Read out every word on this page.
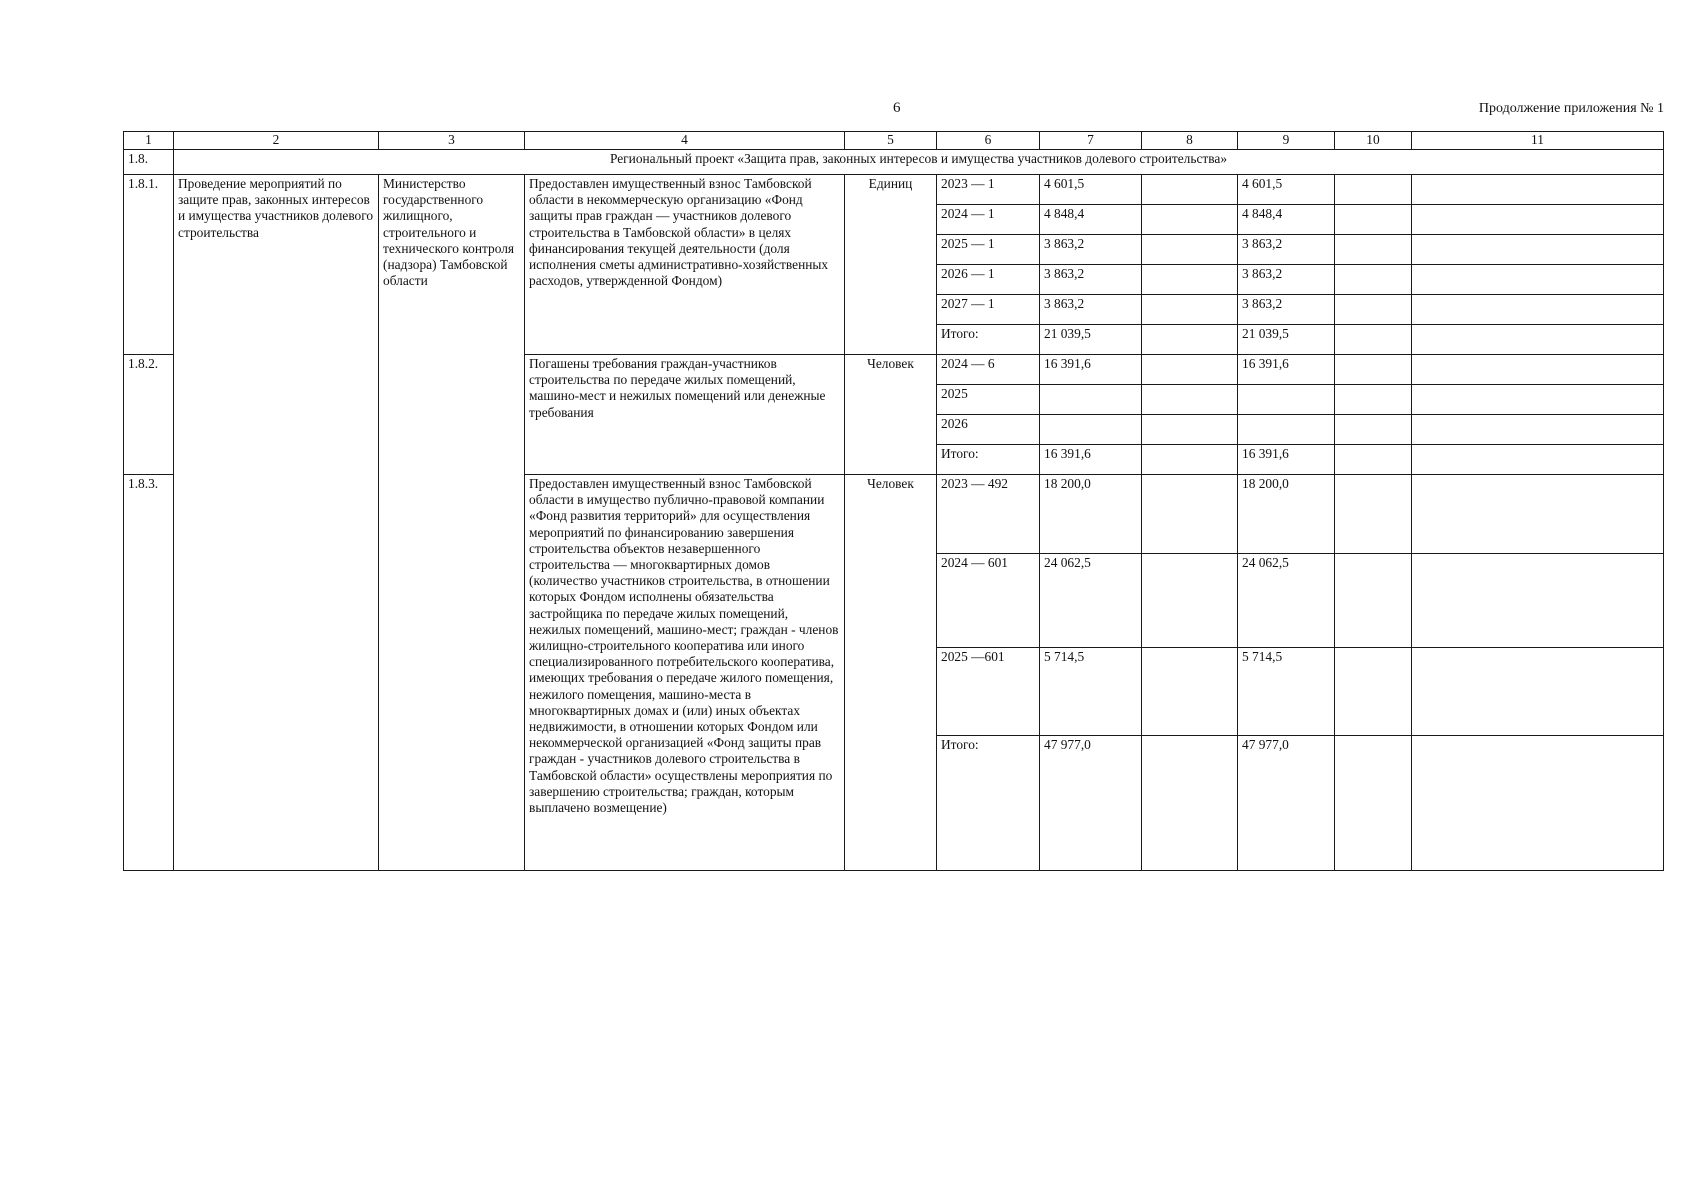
6	Продолжение приложения № 1
1	2	3	4	5	6	7	8	9	10	11
1.8.	Региональный проект «Защита прав, законных интересов и имущества участников долевого строительства»									
1.8.1.	Проведение мероприятий по защите прав, законных интересов и имущества участников долевого строительства	Министерство государственного жилищного, строительного и технического контроля (надзора) Тамбовской области	Предоставлен имущественный взнос Тамбовской области в некоммерческую организацию «Фонд защиты прав граждан — участников долевого строительства в Тамбовской области» в целях финансирования текущей деятельности (доля исполнения сметы административно-хозяйственных расходов, утвержденной Фондом)	Единиц	2023 — 1	4 601,5		4 601,5		
					2024 — 1	4 848,4		4 848,4		
					2025 — 1	3 863,2		3 863,2		
					2026 — 1	3 863,2		3 863,2		
					2027 — 1	3 863,2		3 863,2		
					Итого:	21 039,5		21 039,5		
1.8.2.			Погашены требования граждан-участников строительства по передаче жилых помещений, машино-мест и нежилых помещений или денежные требования	Человек	2024 — 6	16 391,6		16 391,6		
					2025					
					2026					
					Итого:	16 391,6		16 391,6		
1.8.3.			Предоставлен имущественный взнос Тамбовской области в имущество публично-правовой компании «Фонд развития территорий» для осуществления мероприятий по финансированию завершения строительства объектов незавершенного строительства — многоквартирных домов (количество участников строительства, в отношении которых Фондом исполнены обязательства застройщика по передаче жилых помещений, нежилых помещений, машино-мест; граждан - членов жилищно-строительного кооператива или иного специализированного потребительского кооператива, имеющих требования о передаче жилого помещения, нежилого помещения, машино-места в многоквартирных домах и (или) иных объектах недвижимости, в отношении которых Фондом или некоммерческой организацией «Фонд защиты прав граждан - участников долевого строительства в Тамбовской области» осуществлены мероприятия по завершению строительства; граждан, которым выплачено возмещение)	Человек	2023 — 492	18 200,0		18 200,0		
					2024 — 601	24 062,5		24 062,5		
					2025 —601	5 714,5		5 714,5		
					Итого:	47 977,0		47 977,0		
